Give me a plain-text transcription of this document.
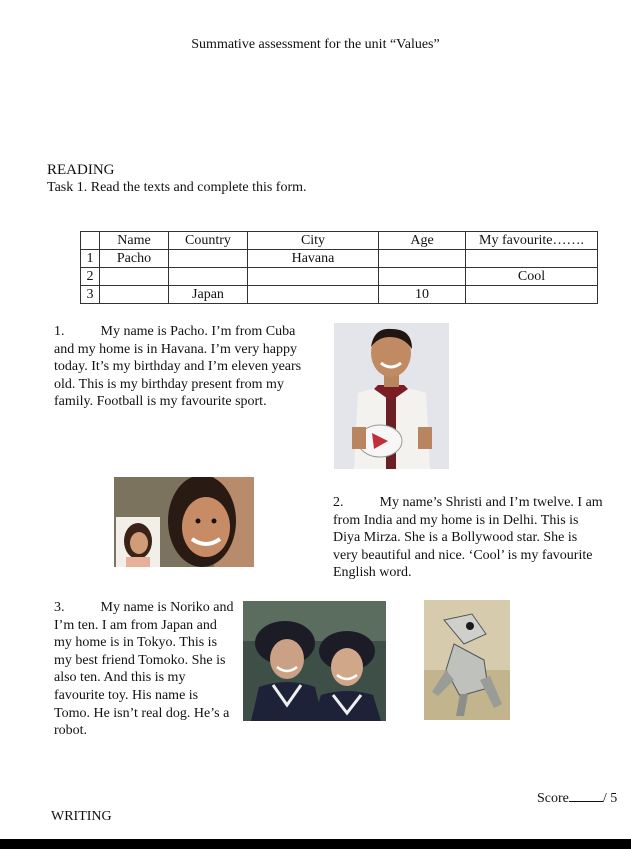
Summative assessment for the unit “Values”
READING
Task 1. Read the texts and complete this form.
	Name	Country	City	Age	My favourite…….
1	Pacho		Havana		
2					Cool
3		Japan		10	
1.	My name is Pacho. I’m from Cuba and my home is in Havana. I’m very happy today. It’s my birthday and I’m eleven years old. This is my birthday present from my family. Football is my favourite sport.
2.	My name’s Shristi and I’m twelve. I am from India and my home is in Delhi. This is Diya Mirza. She is a Bollywood star. She is very beautiful and nice. ‘Cool’ is my favourite English word.
3.	My name is Noriko and I’m ten. I am from Japan and my home is in Tokyo. This is my best friend Tomoko. She is also ten. And this is my favourite toy. His name is Tomo. He isn’t real dog. He’s a robot.
Score / 5
WRITING
